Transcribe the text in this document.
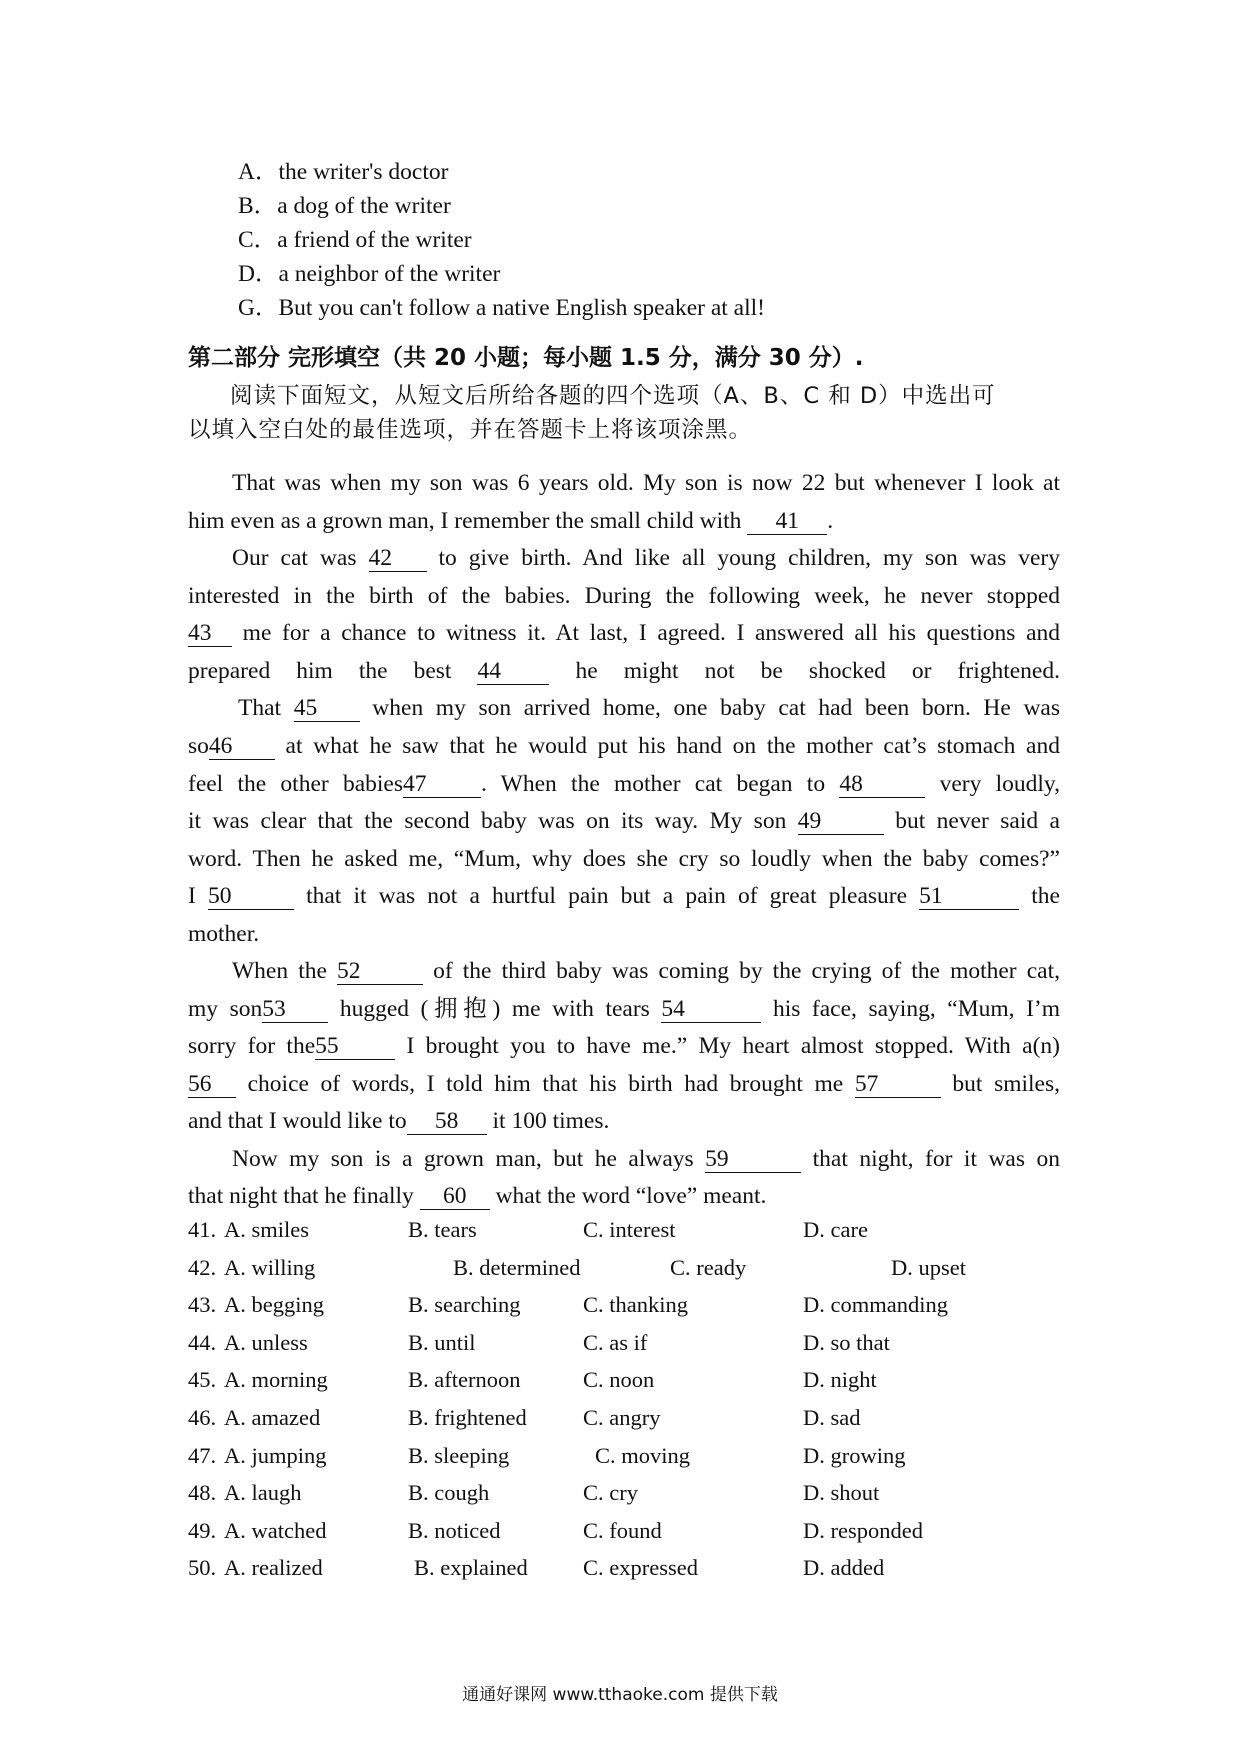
A．the writer's doctor
B．a dog of the writer
C．a friend of the writer
D．a neighbor of the writer
G．But you can't follow a native English speaker at all!
第二部分 完形填空（共 20 小题；每小题 1.5 分，满分 30 分）.
阅读下面短文，从短文后所给各题的四个选项（A、B、C 和 D）中选出可
以填入空白处的最佳选项，并在答题卡上将该项涂黑。
That was when my son was 6 years old. My son is now 22 but whenever I look at
him even as a grown man, I remember the small child with 41 .
Our cat was 42 to give birth. And like all young children, my son was very
interested in the birth of the babies. During the following week, he never stopped
43 me for a chance to witness it. At last, I agreed. I answered all his questions and
prepared him the best 44 he might not be shocked or frightened.
That 45 when my son arrived home, one baby cat had been born. He was
so46 at what he saw that he would put his hand on the mother cat’s stomach and
feel the other babies47 . When the mother cat began to 48	very loudly,
it was clear that the second baby was on its way. My son 49	but never said a
word. Then he asked me, “Mum, why does she cry so loudly when the baby comes?”
I 50	that it was not a hurtful pain but a pain of great pleasure 51	the
mother.
When the 52	of the third baby was coming by the crying of the mother cat,
my son53 hugged (拥抱) me with tears 54	his face, saying, “Mum, I’m
sorry for the55 I brought you to have me.” My heart almost stopped. With a(n)
56 choice of words, I told him that his birth had brought me 57	but smiles,
and that I would like to 58 it 100 times.
Now my son is a grown man, but he always 59	that night, for it was on
that night that he finally 60 what the word “love” meant.
41. A. smiles	B. tears	C. interest	D. care
42. A. willing	B. determined	C. ready	D. upset
43. A. begging	B. searching	C. thanking	D. commanding
44. A. unless	B. until	C. as if	D. so that
45. A. morning	B. afternoon	C. noon	D. night
46. A. amazed	B. frightened	C. angry	D. sad
47. A. jumping	B. sleeping	C. moving	D. growing
48. A. laugh	B. cough	C. cry	D. shout
49. A. watched	B. noticed	C. found	D. responded
50. A. realized	B. explained C. expressed	D. added
通通好课网 www.tthaoke.com 提供下载
